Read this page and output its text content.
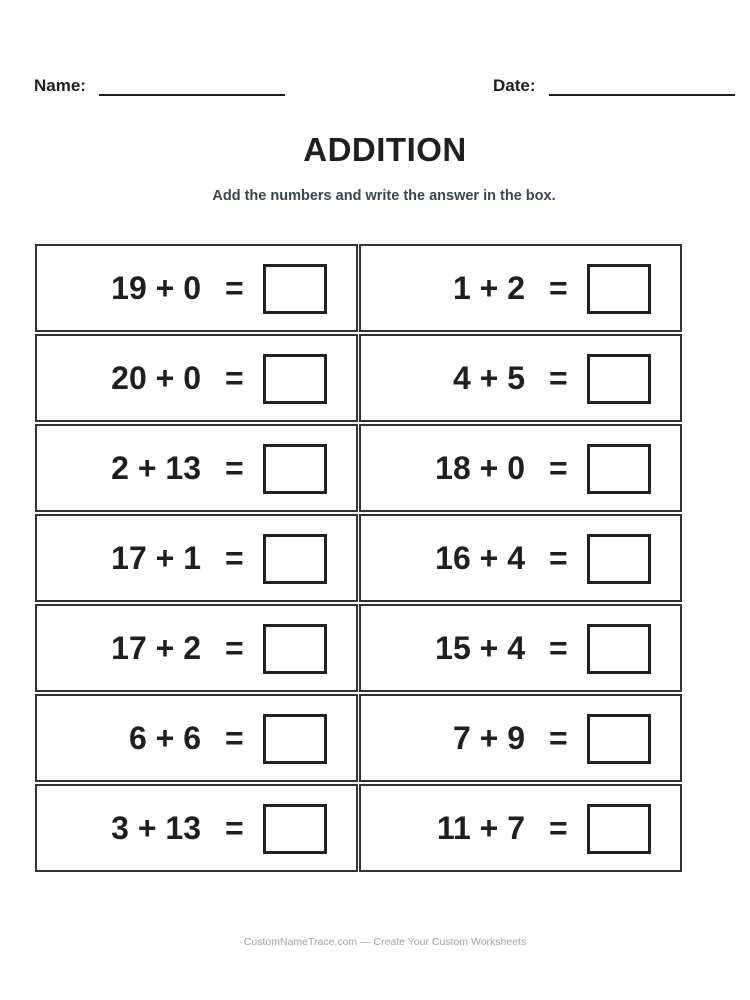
Name:	Date:
ADDITION
Add the numbers and write the answer in the box.
19 + 0 =	1 + 2 =
20 + 0 =	4 + 5 =
2 + 13 =	18 + 0 =
17 + 1 =	16 + 4 =
17 + 2 =	15 + 4 =
6 + 6 =	7 + 9 =
3 + 13 =	11 + 7 =
CustomNameTrace.com — Create Your Custom Worksheets
